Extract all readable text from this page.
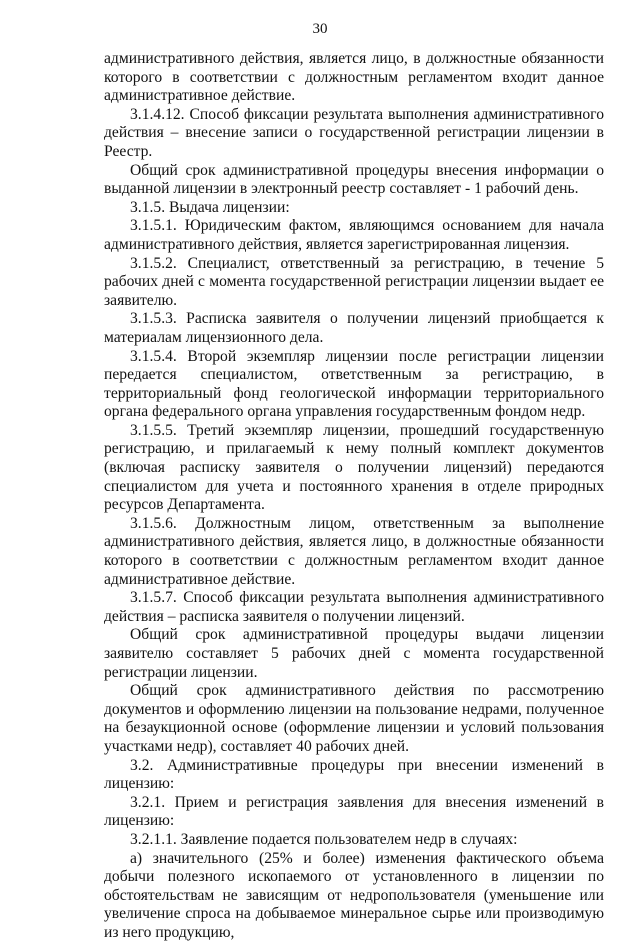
30

административного действия, является лицо, в должностные обязанности которого в соответствии с должностным регламентом входит данное административное действие.

3.1.4.12. Способ фиксации результата выполнения административного действия – внесение записи о государственной регистрации лицензии в Реестр.

Общий срок административной процедуры внесения информации о выданной лицензии в электронный реестр составляет - 1 рабочий день.

3.1.5. Выдача лицензии:

3.1.5.1. Юридическим фактом, являющимся основанием для начала административного действия, является зарегистрированная лицензия.

3.1.5.2. Специалист, ответственный за регистрацию, в течение 5 рабочих дней с момента государственной регистрации лицензии выдает ее заявителю.

3.1.5.3. Расписка заявителя о получении лицензий приобщается к материалам лицензионного дела.

3.1.5.4. Второй экземпляр лицензии после регистрации лицензии передается специалистом, ответственным за регистрацию, в территориальный фонд геологической информации территориального органа федерального органа управления государственным фондом недр.

3.1.5.5. Третий экземпляр лицензии, прошедший государственную регистрацию, и прилагаемый к нему полный комплект документов (включая расписку заявителя о получении лицензий) передаются специалистом для учета и постоянного хранения в отделе природных ресурсов Департамента.

3.1.5.6. Должностным лицом, ответственным за выполнение административного действия, является лицо, в должностные обязанности которого в соответствии с должностным регламентом входит данное административное действие.

3.1.5.7. Способ фиксации результата выполнения административного действия – расписка заявителя о получении лицензий.

Общий срок административной процедуры выдачи лицензии заявителю составляет 5 рабочих дней с момента государственной регистрации лицензии.

Общий срок административного действия по рассмотрению документов и оформлению лицензии на пользование недрами, полученное на безаукционной основе (оформление лицензии и условий пользования участками недр), составляет 40 рабочих дней.

3.2. Административные процедуры при внесении изменений в лицензию:

3.2.1. Прием и регистрация заявления для внесения изменений в лицензию:

3.2.1.1. Заявление подается пользователем недр в случаях:

а) значительного (25% и более) изменения фактического объема добычи полезного ископаемого от установленного в лицензии по обстоятельствам не зависящим от недропользователя (уменьшение или увеличение спроса на добываемое минеральное сырье или производимую из него продукцию,
